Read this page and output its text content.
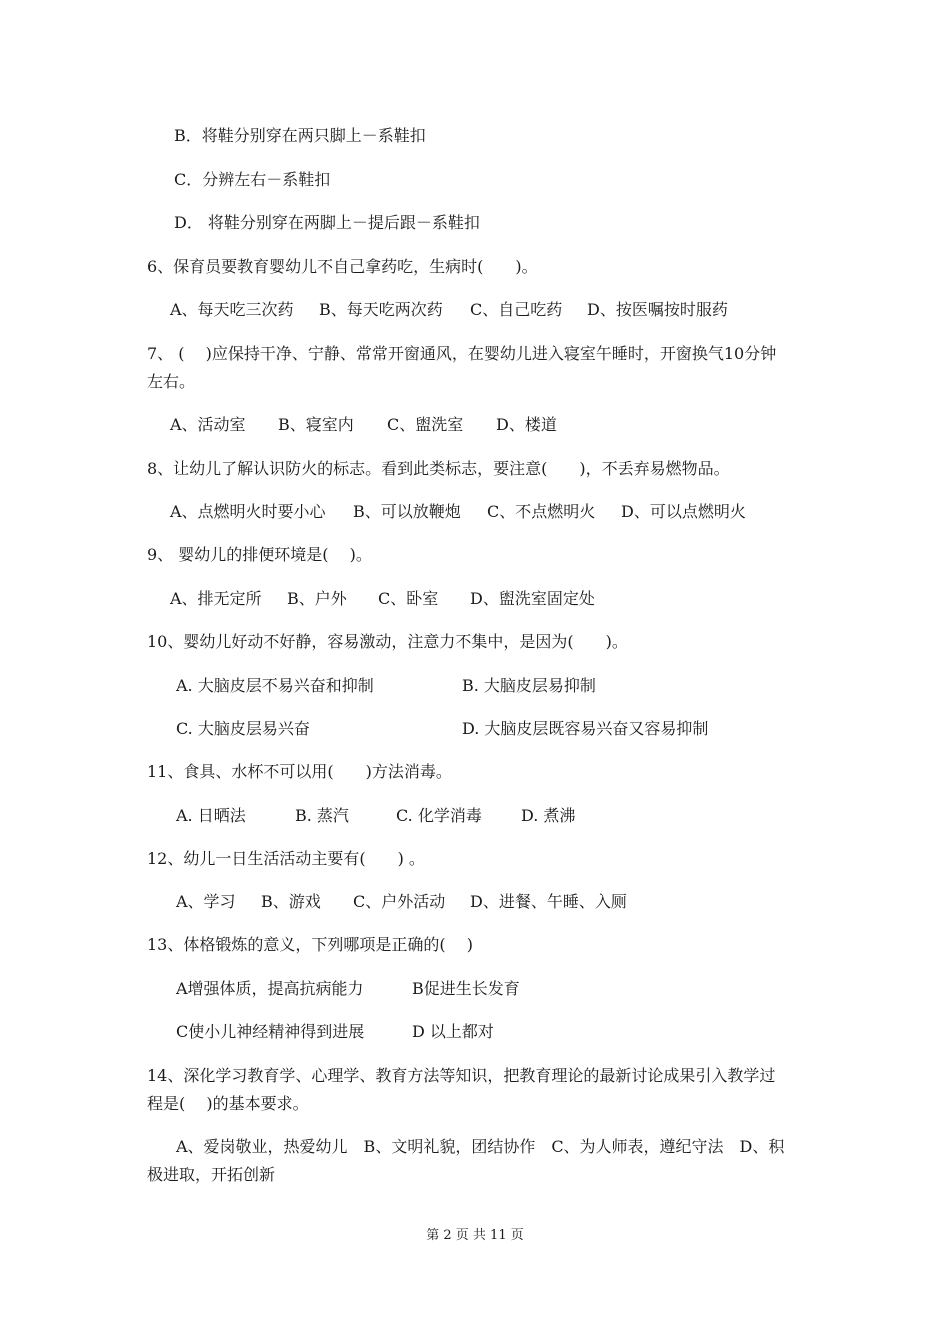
B．将鞋分别穿在两只脚上－系鞋扣
C．分辨左右－系鞋扣
D． 将鞋分别穿在两脚上－提后跟－系鞋扣
6、保育员要教育婴幼儿不自己拿药吃，生病时(　　)。
A、每天吃三次药 B、每天吃两次药 C、自己吃药 D、按医嘱按时服药
7、 (　 )应保持干净、宁静、常常开窗通风，在婴幼儿进入寝室午睡时，开窗换气10分钟
左右。
A、活动室 B、寝室内 C、盥洗室 D、楼道
8、让幼儿了解认识防火的标志。看到此类标志，要注意(　　)，不丢弃易燃物品。
A、点燃明火时要小心 B、可以放鞭炮 C、不点燃明火 D、可以点燃明火
9、 婴幼儿的排便环境是(　 )。
A、排无定所 B、户外 C、卧室 D、盥洗室固定处
10、婴幼儿好动不好静，容易激动，注意力不集中，是因为(　　)。
A. 大脑皮层不易兴奋和抑制	B. 大脑皮层易抑制
C. 大脑皮层易兴奋	D. 大脑皮层既容易兴奋又容易抑制
11、食具、水杯不可以用(　　)方法消毒。
A. 日晒法	B. 蒸汽	C. 化学消毒 D. 煮沸
12、幼儿一日生活活动主要有(　　) 。
A、学习 B、游戏 C、户外活动 D、进餐、午睡、入厕
13、体格锻炼的意义，下列哪项是正确的(　 )
A增强体质，提高抗病能力	B促进生长发育
C使小儿神经精神得到进展	D 以上都对
14、深化学习教育学、心理学、教育方法等知识，把教育理论的最新讨论成果引入教学过
程是(　 )的基本要求。
A、爱岗敬业，热爱幼儿　B、文明礼貌，团结协作　C、为人师表，遵纪守法　D、积
极进取，开拓创新
第 2 页 共 11 页
